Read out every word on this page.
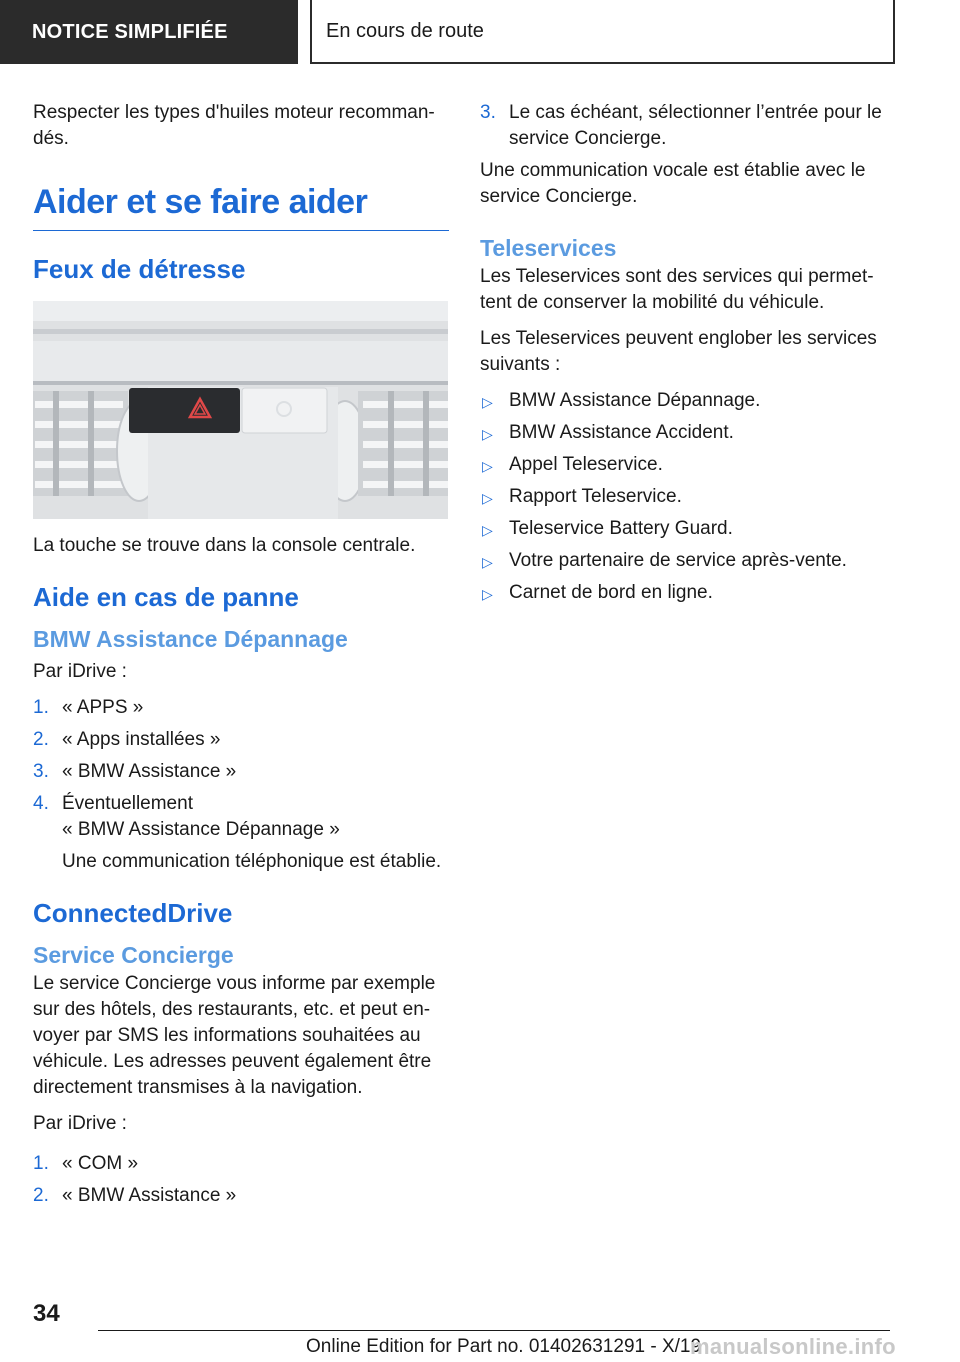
NOTICE SIMPLIFIÉE	En cours de route

Respecter les types d'huiles moteur recomman‐ dés.

Aider et se faire aider
Feux de détresse

La touche se trouve dans la console centrale.

Aide en cas de panne
BMW Assistance Dépannage

Par iDrive :

1. « APPS »
2. « Apps installées »
3. « BMW Assistance »
4. Éventuellement
« BMW Assistance Dépannage »
Une communication téléphonique est établie.
ConnectedDrive
Service Concierge

Le service Concierge vous informe par exemple sur des hôtels, des restaurants, etc. et peut en‐ voyer par SMS les informations souhaitées au véhicule. Les adresses peuvent également être directement transmises à la navigation.

Par iDrive :

1. « COM »
2. « BMW Assistance »
3. Le cas échéant, sélectionner l’entrée pour le service Concierge.

Une communication vocale est établie avec le service Concierge.

Teleservices

Les Teleservices sont des services qui permet‐ tent de conserver la mobilité du véhicule.

Les Teleservices peuvent englober les services suivants :

▷ BMW Assistance Dépannage.
▷ BMW Assistance Accident.
▷ Appel Teleservice.
▷ Rapport Teleservice.
▷ Teleservice Battery Guard.
▷ Votre partenaire de service après-vente.
▷ Carnet de bord en ligne.
34
Online Edition for Part no. 01402631291 - X/19
manualsonline.info
